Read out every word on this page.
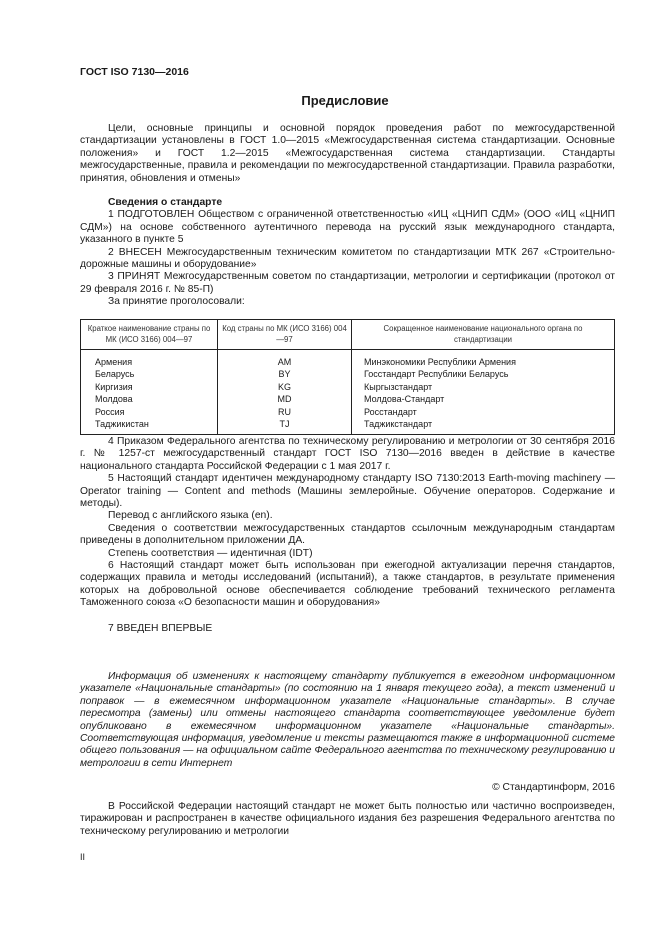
ГОСТ ISO 7130—2016
Предисловие

Цели, основные принципы и основной порядок проведения работ по межгосударственной стандартизации установлены в ГОСТ 1.0—2015 «Межгосударственная система стандартизации. Основные положения» и ГОСТ 1.2—2015 «Межгосударственная система стандартизации. Стандарты межгосударственные, правила и рекомендации по межгосударственной стандартизации. Правила разработки, принятия, обновления и отмены»

Сведения о стандарте

1 ПОДГОТОВЛЕН Обществом с ограниченной ответственностью «ИЦ «ЦНИП СДМ» (ООО «ИЦ «ЦНИП СДМ») на основе собственного аутентичного перевода на русский язык международного стандарта, указанного в пункте 5

2 ВНЕСЕН Межгосударственным техническим комитетом по стандартизации МТК 267 «Строительно-дорожные машины и оборудование»

3 ПРИНЯТ Межгосударственным советом по стандартизации, метрологии и сертификации (протокол от 29 февраля 2016 г. № 85-П)

За принятие проголосовали:

Краткое наименование страны по МК (ИСО 3166) 004—97	Код страны по МК (ИСО 3166) 004—97	Сокращенное наименование национального органа по стандартизации
Армения	AM	Минэкономики Республики Армения
Беларусь	BY	Госстандарт Республики Беларусь
Киргизия	KG	Кыргызстандарт
Молдова	MD	Молдова-Стандарт
Россия	RU	Росстандарт
Таджикистан	TJ	Таджикстандарт

4 Приказом Федерального агентства по техническому регулированию и метрологии от 30 сентября 2016 г. № 1257-ст межгосударственный стандарт ГОСТ ISO 7130—2016 введен в действие в качестве национального стандарта Российской Федерации с 1 мая 2017 г.

5 Настоящий стандарт идентичен международному стандарту ISO 7130:2013 Earth-moving machinery — Operator training — Content and methods (Машины землеройные. Обучение операторов. Содержание и методы).

Перевод с английского языка (en).

Сведения о соответствии межгосударственных стандартов ссылочным международным стандартам приведены в дополнительном приложении ДА.

Степень соответствия — идентичная (IDT)

6 Настоящий стандарт может быть использован при ежегодной актуализации перечня стандартов, содержащих правила и методы исследований (испытаний), а также стандартов, в результате применения которых на добровольной основе обеспечивается соблюдение требований технического регламента Таможенного союза «О безопасности машин и оборудования»

7 ВВЕДЕН ВПЕРВЫЕ

Информация об изменениях к настоящему стандарту публикуется в ежегодном информационном указателе «Национальные стандарты» (по состоянию на 1 января текущего года), а текст изменений и поправок — в ежемесячном информационном указателе «Национальные стандарты». В случае пересмотра (замены) или отмены настоящего стандарта соответствующее уведомление будет опубликовано в ежемесячном информационном указателе «Национальные стандарты». Соответствующая информация, уведомление и тексты размещаются также в информационной системе общего пользования — на официальном сайте Федерального агентства по техническому регулированию и метрологии в сети Интернет

© Стандартинформ, 2016

В Российской Федерации настоящий стандарт не может быть полностью или частично воспроизведен, тиражирован и распространен в качестве официального издания без разрешения Федерального агентства по техническому регулированию и метрологии

II
